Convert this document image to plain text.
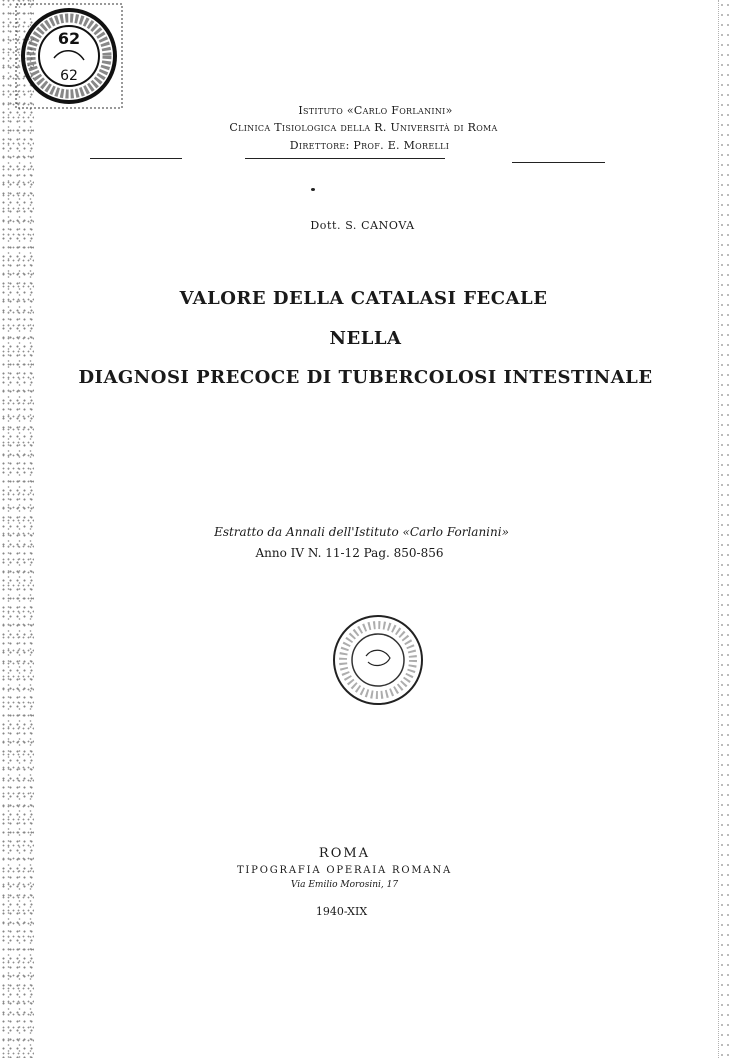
62
62
Istituto «Carlo Forlanini»
Clinica Tisiologica della R. Università di Roma
Direttore: Prof. E. Morelli
Dott. S. CANOVA
VALORE DELLA CATALASI FECALE
NELLA
DIAGNOSI PRECOCE DI TUBERCOLOSI INTESTINALE
Estratto da Annali dell'Istituto «Carlo Forlanini»
Anno IV N. 11-12 Pag. 850-856
ROMA
TIPOGRAFIA OPERAIA ROMANA
Via Emilio Morosini, 17
1940-XIX
